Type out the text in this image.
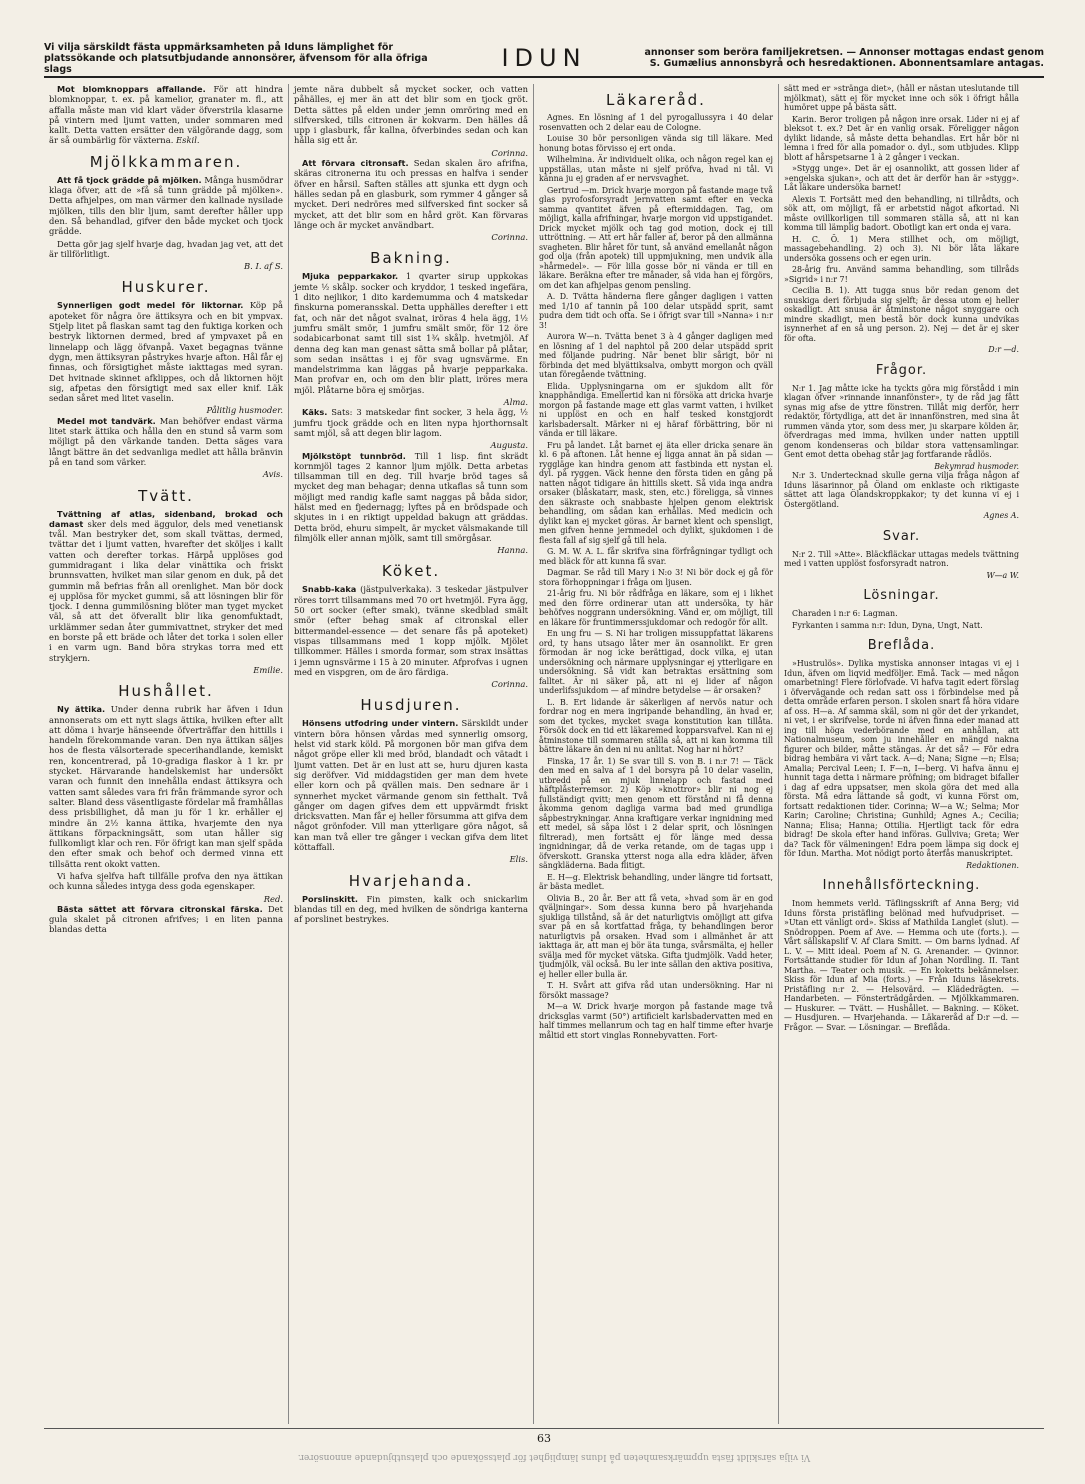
Vi vilja särskildt fästa uppmärksamheten på Iduns lämplighet för platssökande och platsutbjudande annonsörer, äfvensom för alla öfriga slags	IDUN	annonser som beröra familjekretsen. — Annonser mottagas endast genom S. Gumælius annonsbyrå och hesredaktionen. Abonnentsamlare antagas.

Mot blomknoppars affallande. För att hindra blomknoppar, t. ex. på kamelior, granater m. fl., att affalla måste man vid klart väder öfverstrila klasarne på vintern med ljumt vatten, under sommaren med kallt. Detta vatten ersätter den välgörande dagg, som är så oumbärlig för växterna. Eskil.

Mjölkkammaren.

Att få tjock grädde på mjölken. Många husmödrar klaga öfver, att de »få så tunn grädde på mjölken». Detta afhjelpes, om man värmer den kallnade nysilade mjölken, tills den blir ljum, samt derefter håller upp den. Så behandlad, gifver den både mycket och tjock grädde.

Detta gör jag sjelf hvarje dag, hvadan jag vet, att det är tillförlitligt.

B. I. af S.
Huskurer.

Synnerligen godt medel för liktornar. Köp på apoteket för några öre ättiksyra och en bit ympvax. Stjelp litet på flaskan samt tag den fuktiga korken och bestryk liktornen dermed, bred af ympvaxet på en linnelapp och lägg öfvanpå. Vaxet begagnas tvänne dygn, men ättiksyran påstrykes hvarje afton. Hål får ej finnas, och försigtighet måste iakttagas med syran. Det hvitnade skinnet afklippes, och då liktornen höjt sig, afpetas den försigtigt med sax eller knif. Läk sedan såret med litet vaselin.

Pålitlig husmoder.

Medel mot tandvärk. Man behöfver endast värma litet stark ättika och hålla den en stund så varm som möjligt på den värkande tanden. Detta säges vara långt bättre än det sedvanliga medlet att hålla bränvin på en tand som värker.

Avis.
Tvätt.

Tvättning af atlas, sidenband, brokad och damast sker dels med äggulor, dels med venetiansk tvål. Man bestryker det, som skall tvättas, dermed, tvättar det i ljumt vatten, hvarefter det sköljes i kallt vatten och derefter torkas. Härpå upplöses god gummidragant i lika delar vinättika och friskt brunnsvatten, hvilket man silar genom en duk, på det gummin må befrias från all orenlighet. Man bör dock ej upplösa för mycket gummi, så att lösningen blir för tjock. I denna gummilösning blöter man tyget mycket väl, så att det öfverallt blir lika genomfuktadt, urklämmer sedan åter gummivattnet, stryker det med en borste på ett bräde och låter det torka i solen eller i en varm ugn. Band böra strykas torra med ett strykjern.

Emilie.
Hushållet.

Ny ättika. Under denna rubrik har äfven i Idun annonserats om ett nytt slags ättika, hvilken efter allt att döma i hvarje hänseende öfverträffar den hittills i handeln förekommande varan. Den nya ättikan säljes hos de flesta välsorterade specerihandlande, kemiskt ren, koncentrerad, på 10-gradiga flaskor à 1 kr. pr stycket. Härvarande handelskemist har undersökt varan och funnit den innehålla endast ättiksyra och vatten samt således vara fri från främmande syror och salter. Bland dess väsentligaste fördelar må framhållas dess prisbillighet, då man ju för 1 kr. erhåller ej mindre än 2½ kanna ättika, hvarjemte den nya ättikans förpackningsätt, som utan håller sig fullkomligt klar och ren. För öfrigt kan man sjelf späda den efter smak och behof och dermed vinna ett tillsätta rent okokt vatten.

Vi hafva sjelfva haft tillfälle profva den nya ättikan och kunna således intyga dess goda egenskaper.

Red.

Bästa sättet att förvara citronskal färska. Det gula skalet på citronen afrifves; i en liten panna blandas detta

jemte nära dubbelt så mycket socker, och vatten påhälles, ej mer än att det blir som en tjock gröt. Detta sättes på elden under jemn omröring med en silfversked, tills citronen är kokvarm. Den hälles då upp i glasburk, får kallna, öfverbindes sedan och kan hålla sig ett år.

Corinna.

Att förvara citronsaft. Sedan skalen äro afrifna, skäras citronerna itu och pressas en halfva i sender öfver en hårsil. Saften ställes att sjunka ett dygn och hälles sedan på en glasburk, som rymmer 4 gånger så mycket. Deri nedröres med silfversked fint socker så mycket, att det blir som en hård gröt. Kan förvaras länge och är mycket användbart.

Corinna.
Bakning.

Mjuka pepparkakor. 1 qvarter sirup uppkokas jemte ½ skålp. socker och kryddor, 1 tesked ingefära, 1 dito nejlikor, 1 dito kardemumma och 4 matskedar finskurna pomeransskal. Detta upphälles derefter i ett fat, och när det något svalnat, iröras 4 hela ägg, 1½ jumfru smält smör, 1 jumfru smält smör, för 12 öre sodabicarbonat samt till sist 1¾ skålp. hvetmjöl. Af denna deg kan man genast sätta små bollar på plåtar, som sedan insättas i ej för svag ugnsvärme. En mandelstrimma kan läggas på hvarje pepparkaka. Man profvar en, och om den blir platt, iröres mera mjöl. Plåtarne böra ej smörjas.

Alma.

Käks. Sats: 3 matskedar fint socker, 3 hela ägg, ½ jumfru tjock grädde och en liten nypa hjorthornsalt samt mjöl, så att degen blir lagom.

Augusta.

Mjölkstöpt tunnbröd. Till 1 lisp. fint skrädt kornmjöl tages 2 kannor ljum mjölk. Detta arbetas tillsamman till en deg. Till hvarje bröd tages så mycket deg man behagar; denna utkaflas så tunn som möjligt med randig kafle samt naggas på båda sidor, hälst med en fjedernagg; lyftes på en brödspade och skjutes in i en riktigt uppeldad bakugn att gräddas. Detta bröd, ehuru simpelt, är mycket välsmakande till filmjölk eller annan mjölk, samt till smörgåsar.

Hanna.
Köket.

Snabb-kaka (jästpulverkaka). 3 teskedar jästpulver röres torrt tillsammans med 70 ort hvetmjöl. Fyra ägg, 50 ort socker (efter smak), tvänne skedblad smält smör (efter behag smak af citronskal eller bittermandel-essence — det senare fås på apoteket) vispas tillsammans med 1 kopp mjölk. Mjölet tillkommer. Hälles i smorda formar, som strax insättas i jemn ugnsvärme i 15 à 20 minuter. Afprofvas i ugnen med en vispgren, om de äro färdiga.

Corinna.
Husdjuren.

Hönsens utfodring under vintern. Särskildt under vintern böra hönsen vårdas med synnerlig omsorg, helst vid stark köld. På morgonen bör man gifva dem något gröpe eller kli med bröd, blandadt och vätadt i ljumt vatten. Det är en lust att se, huru djuren kasta sig deröfver. Vid middagstiden ger man dem hvete eller korn och på qvällen mais. Den sednare är i synnerhet mycket värmande genom sin fetthalt. Två gånger om dagen gifves dem ett uppvärmdt friskt dricksvatten. Man får ej heller försumma att gifva dem något grönfoder. Vill man ytterligare göra något, så kan man två eller tre gånger i veckan gifva dem litet köttaffall.

Elis.
Hvarjehanda.

Porslinskitt. Fin pimsten, kalk och snickarlim blandas till en deg, med hvilken de söndriga kanterna af porslinet bestrykes.

Läkareråd.

Agnes. En lösning af 1 del pyrogallussyra i 40 delar rosenvatten och 2 delar eau de Cologne.

Louise 30 bör personligen vända sig till läkare. Med honung botas förvisso ej ert onda.

Wilhelmina. Är individuelt olika, och någon regel kan ej uppställas, utan måste ni sjelf pröfva, hvad ni tål. Vi känna ju ej graden af er nervsvaghet.

Gertrud —m. Drick hvarje morgon på fastande mage två glas pyrofosforsyradt jernvatten samt efter en vecka samma qvantitet äfven på eftermiddagen. Tag, om möjligt, kalla afrifningar, hvarje morgon vid uppstigandet. Drick mycket mjölk och tag god motion, dock ej till uttröttning. — Att ert hår faller af, beror på den allmänna svagheten. Blir håret för tunt, så använd emellanåt någon god olja (från apotek) till uppmjukning, men undvik alla »hårmedel». — För lilla gosse bör ni vända er till en läkare. Beräkna efter tre månader, så vida han ej förgörs, om det kan afhjelpas genom pensling.

A. D. Tvätta händerna flere gånger dagligen i vatten med 1/10 af tannin på 100 delar utspädd sprit, samt pudra dem tidt och ofta. Se i öfrigt svar till »Nanna» i n:r 3!

Aurora W—n. Tvätta benet 3 à 4 gånger dagligen med en lösning af 1 del naphtol på 200 delar utspädd sprit med följande pudring. När benet blir sårigt, bör ni förbinda det med blyättiksalva, ombytt morgon och qväll utan föregående tvättning.

Elida. Upplysningarna om er sjukdom allt för knapphändiga. Emellertid kan ni försöka att dricka hvarje morgon på fastande mage ett glas varmt vatten, i hvilket ni upplöst en och en half tesked konstgjordt karlsbadersalt. Märker ni ej häraf förbättring, bör ni vända er till läkare.

Fru på landet. Låt barnet ej äta eller dricka senare än kl. 6 på aftonen. Låt henne ej ligga annat än på sidan — ryggläge kan hindra genom att fastbinda ett nystan el. dyl. på ryggen. Väck henne den första tiden en gång på natten något tidigare än hittills skett. Så vida inga andra orsaker (blåskatarr, mask, sten, etc.) föreligga, så vinnes den säkraste och snabbaste hjelpen genom elektrisk behandling, om sådan kan erhållas. Med medicin och dylikt kan ej mycket göras. Är barnet klent och spensligt, men gifven henne jernmedel och dylikt, sjukdomen i de flesta fall af sig sjelf gå till hela.

G. M. W. A. L. får skrifva sina förfrågningar tydligt och med bläck för att kunna få svar.

Dagmar. Se råd till Mary i N:o 3! Ni bör dock ej gå för stora förhoppningar i fråga om ljusen.

21-årig fru. Ni bör rådfråga en läkare, som ej i likhet med den förre ordinerar utan att undersöka, ty här behöfves noggrann undersökning. Vänd er, om möjligt, till en läkare för fruntimmerssjukdomar och redogör för allt.

En ung fru — S. Ni har troligen missuppfattat läkarens ord, ty hans utsago låter mer än osannolikt. Er gren förmodan är nog icke berättigad, dock vilka, ej utan undersökning och närmare upplysningar ej ytterligare en undersökning. Så vidt kan betraktas ersättning som falltet. Är ni säker på, att ni ej lider af någon underlifssjukdom — af mindre betydelse — är orsaken?

L. B. Ert lidande är säkerligen af nervös natur och fordrar nog en mera ingripande behandling, än hvad er, som det tyckes, mycket svaga konstitution kan tillåta. Försök dock en tid ett läkaremed kopparsvafvel. Kan ni ej åtminstone till sommaren ställa så, att ni kan komma till bättre läkare än den ni nu anlitat. Nog har ni hört?

Finska, 17 år. 1) Se svar till S. von B. i n:r 7! — Täck den med en salva af 1 del borsyra på 10 delar vaselin, utbredd på en mjuk linnelapp och fastad med häftplåsterremsor. 2) Köp »knottror» blir ni nog ej fullständigt qvitt; men genom ett förstånd ni få denna åkomma genom dagliga varma bad med grundliga såpbestrykningar. Anna kraftigare verkar ingnidning med ett medel, så såpa löst i 2 delar sprit, och lösningen filtrerad), men fortsätt ej för länge med dessa ingnidningar, då de verka retande, om de tagas upp i öfverskott. Granska ytterst noga alla edra kläder, äfven sängkläderna. Bada flitigt.

E. H—g. Elektrisk behandling, under längre tid fortsatt, är bästa medlet.

Olivia B., 20 år. Ber att få veta, »hvad som är en god qväljningar». Som dessa kunna bero på hvarjehanda sjukliga tillstånd, så är det naturligtvis omöjligt att gifva svar på en så kortfattad fråga, ty behandlingen beror naturligtvis på orsaken. Hvad som i allmänhet är att iakttaga är, att man ej bör äta tunga, svårsmälta, ej heller svälja med för mycket vätska. Gifta tjudmjölk. Vadd heter, tjudmjölk, väl också. Bu ler inte sällan den aktiva positiva, ej heller eller bulla är.

T. H. Svårt att gifva råd utan undersökning. Har ni försökt massage?

M—a W. Drick hvarje morgon på fastande mage två dricksglas varmt (50°) artificielt karlsbadervatten med en half timmes mellanrum och tag en half timme efter hvarje måltid ett stort vinglas Ronnebyvatten. Fort-

sätt med er »stränga diet», (håll er nästan uteslutande till mjölkmat), sätt ej för mycket inne och sök i öfrigt hålla humöret uppe på bästa sätt.

Karin. Beror troligen på någon inre orsak. Lider ni ej af bleksot t. ex.? Det är en vanlig orsak. Föreligger någon dylikt lidande, så måste detta behandlas. Ert hår bör ni lemna i fred för alla pomador o. dyl., som utbjudes. Klipp blott af hårspetsarne 1 à 2 gånger i veckan.

»Stygg unge». Det är ej osannolikt, att gossen lider af »engelska sjukan», och att det är derför han är »stygg». Låt läkare undersöka barnet!

Alexis T. Fortsätt med den behandling, ni tillrådts, och sök att, om möjligt, få er arbetstid något afkortad. Ni måste ovillkorligen till sommaren ställa så, att ni kan komma till lämplig badort. Obotligt kan ert onda ej vara.

H. C. Ö. 1) Mera stillhet och, om möjligt, massagebehandling. 2) och 3). Ni bör låta läkare undersöka gossens och er egen urin.

28-årig fru. Använd samma behandling, som tillråds »Sigrid» i n:r 7!

Cecilia B. 1). Att tugga snus bör redan genom det snuskiga deri förbjuda sig sjelft; är dessa utom ej heller oskadligt. Att snusa är åtminstone något snyggare och mindre skadligt, men bestå bör dock kunna undvikas isynnerhet af en så ung person. 2). Nej — det är ej sker för ofta.

D:r —d.
Frågor.

N:r 1. Jag måtte icke ha tyckts göra mig förstådd i min klagan öfver »rinnande innanfönster», ty de råd jag fått synas mig afse de yttre fönstren. Tillåt mig derför, herr redaktör, förtydliga, att det är innanfönstren, med sina åt rummen vända ytor, som dess mer, ju skarpare kölden är, öfverdragas med imma, hvilken under natten upptill genom kondenseras och bildar stora vattensamlingar. Gent emot detta obehag står jag fortfarande rådlös.

Bekymrad husmoder.

N:r 3. Undertecknad skulle gerna vilja fråga någon af Iduns läsarinnor på Öland om enklaste och riktigaste sättet att laga Ölandskroppkakor; ty det kunna vi ej i Östergötland.

Agnes A.
Svar.

N:r 2. Till »Atte». Bläckfläckar uttagas medels tvättning med i vatten upplöst fosforsyradt natron.

W—a W.
Lösningar.

Charaden i n:r 6: Lagman.

Fyrkanten i samma n:r: Idun, Dyna, Ungt, Natt.

Breflåda.

»Hustrulös». Dylika mystiska annonser intagas vi ej i Idun, äfven om liqvid medföljer. Emå. Tack — med någon omarbetning! Flere förlofvade. Vi hafva tagit edert förslag i öfvervägande och redan satt oss i förbindelse med på detta område erfaren person. I skolen snart få höra vidare af oss. H—a. Af samma skäl, som ni gör det der yrkandet, ni vet, i er skrifvelse, torde ni äfven finna eder manad att ing till höga vederbörande med en anhållan, att Nationalmuseum, som ju innehåller en mängd nakna figurer och bilder, måtte stängas. Är det så? — För edra bidrag hembära vi vårt tack. A—d; Nana; Signe —n; Elsa; Amalia; Percival Leen; I. F—n, I—berg. Vi hafva ännu ej hunnit taga detta i närmare pröfning; om bidraget bifaller i dag af edra uppsatser, men skola göra det med alla första. Må edra lättande så godt, vi kunna Först om, fortsatt redaktionen tider. Corinna; W—a W.; Selma; Mor Karin; Caroline; Christina; Gunhild; Agnes A.; Cecilia; Nanna; Elisa; Hanna; Ottilia. Hjertligt tack för edra bidrag! De skola efter hand införas. Gullviva; Greta; Wer da? Tack för välmeningen! Edra poem lämpa sig dock ej för Idun. Martha. Mot nödigt porto återfås manuskriptet.

Redaktionen.
Innehållsförteckning.

Inom hemmets verld. Täflingsskrift af Anna Berg; vid Iduns första pristäfling belönad med hufvudpriset. — »Utan ett vänligt ord». Skiss af Mathilda Langlet (slut). — Snödroppen. Poem af Ave. — Hemma och ute (forts.). — Vårt sällskapslif V. Af Clara Smitt. — Om barns lydnad. Af L. V. — Mitt ideal. Poem af N. G. Arenander. — Qvinnor. Fortsättande studier för Idun af Johan Nordling. II. Tant Martha. — Teater och musik. — En koketts bekännelser. Skiss för Idun af Mia (forts.) — Från Iduns läsekrets. Pristäfling n:r 2. — Helsovärd. — Klädedrägten. — Handarbeten. — Fönsterträdgården. — Mjölkkammaren. — Huskurer. — Tvätt. — Hushållet. — Bakning. — Köket. — Husdjuren. — Hvarjehanda. — Läkareråd af D:r —d. — Frågor. — Svar. — Lösningar. — Breflåda.

63
Vi vilja särskildt fästa uppmärksamheten på Iduns lämplighet för platssökande och platsutbjudande annonsörer.
